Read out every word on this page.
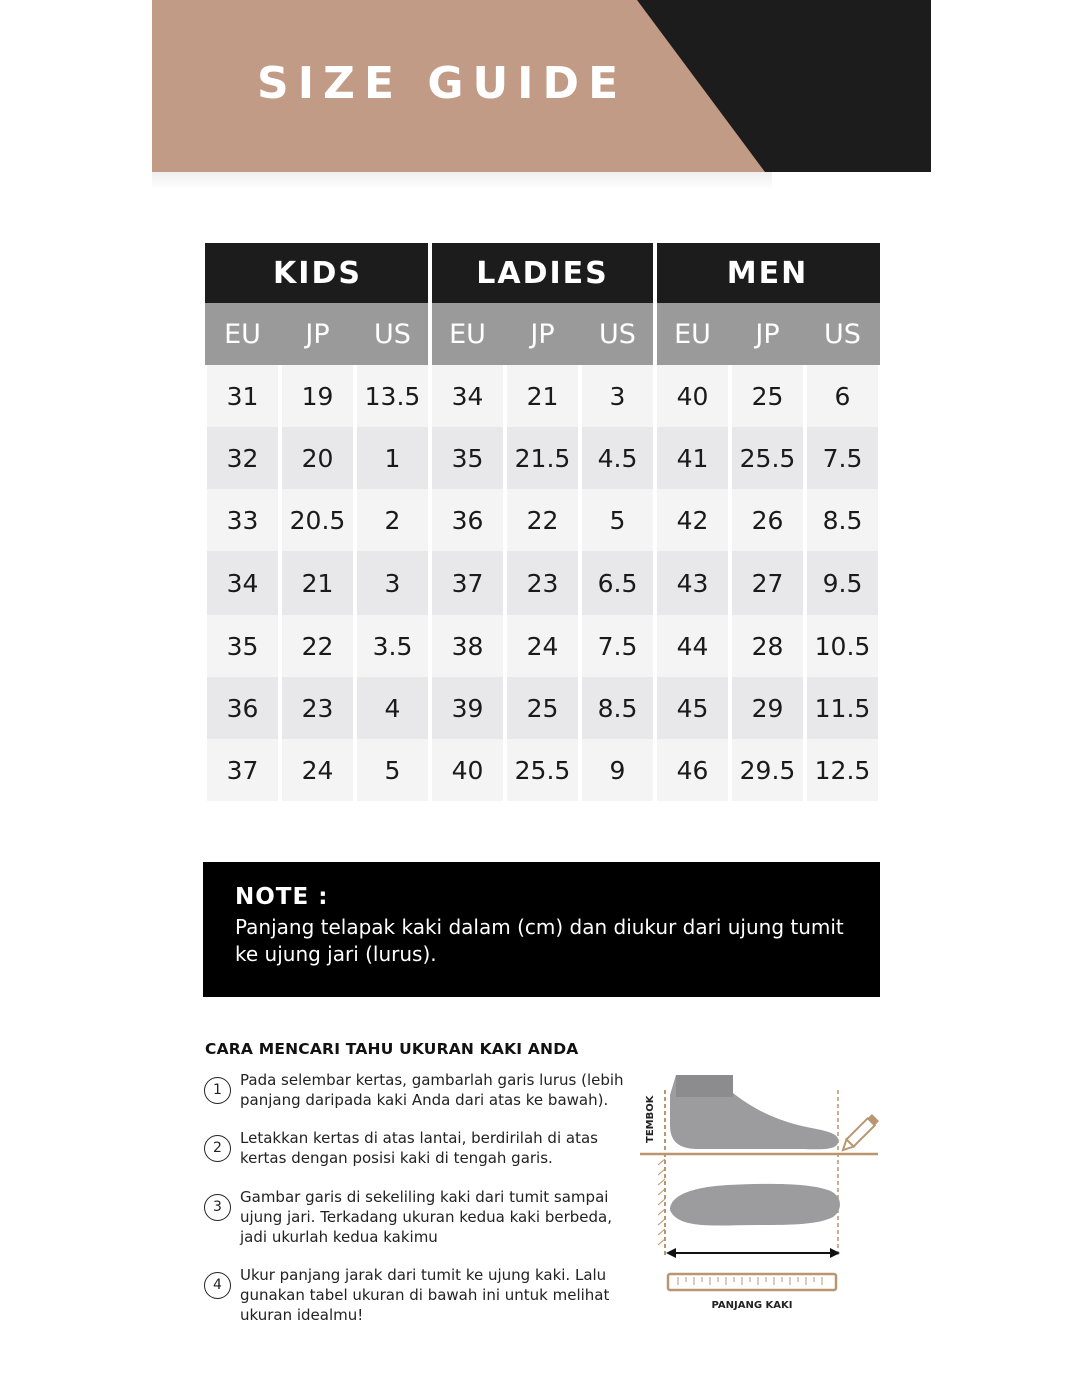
SIZE GUIDE
KIDS	LADIES	MEN
EU	JP	US	EU	JP	US	EU	JP	US
31	19	13.5	34	21	3	40	25	6
32	20	1	35	21.5	4.5	41	25.5	7.5
33	20.5	2	36	22	5	42	26	8.5
34	21	3	37	23	6.5	43	27	9.5
35	22	3.5	38	24	7.5	44	28	10.5
36	23	4	39	25	8.5	45	29	11.5
37	24	5	40	25.5	9	46	29.5 12.5
NOTE :
Panjang telapak kaki dalam (cm) dan diukur dari ujung tumit ke ujung jari (lurus).
CARA MENCARI TAHU UKURAN KAKI ANDA
1
Pada selembar kertas, gambarlah garis lurus (lebih panjang daripada kaki Anda dari atas ke bawah).
2
Letakkan kertas di atas lantai, berdirilah di atas kertas dengan posisi kaki di tengah garis.
3
Gambar garis di sekeliling kaki dari tumit sampai ujung jari. Terkadang ukuran kedua kaki berbeda, jadi ukurlah kedua kakimu
4
Ukur panjang jarak dari tumit ke ujung kaki. Lalu gunakan tabel ukuran di bawah ini untuk melihat ukuran idealmu!
TEMBOK
PANJANG KAKI
